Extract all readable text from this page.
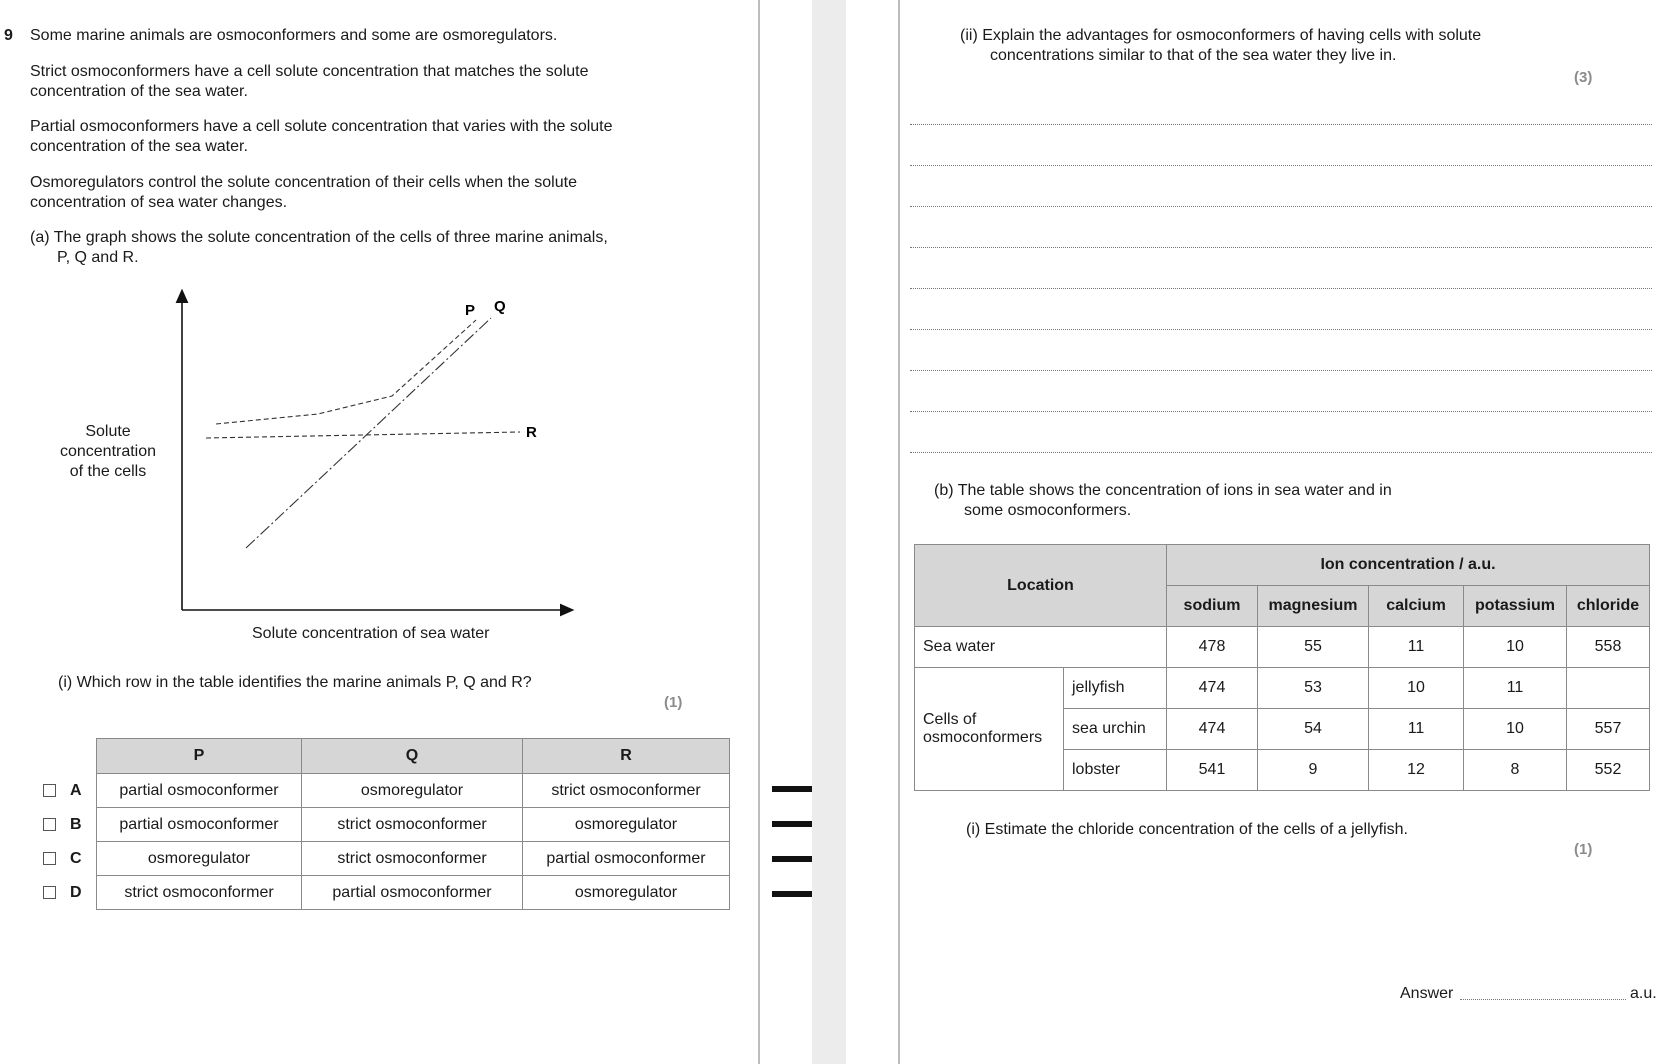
9 Some marine animals are osmoconformers and some are osmoregulators.
Strict osmoconformers have a cell solute concentration that matches the solute
concentration of the sea water.
Partial osmoconformers have a cell solute concentration that varies with the solute
concentration of the sea water.
Osmoregulators control the solute concentration of their cells when the solute
concentration of sea water changes.
(a) The graph shows the solute concentration of the cells of three marine animals,
P, Q and R.
P Q
R
Solute
concentration
of the cells
Solute concentration of sea water
(i) Which row in the table identifies the marine animals P, Q and R?
(1)
		P	Q	R
	A	partial osmoconformer	osmoregulator	strict osmoconformer
	B	partial osmoconformer	strict osmoconformer	osmoregulator
	C	osmoregulator	strict osmoconformer	partial osmoconformer
	D	strict osmoconformer	partial osmoconformer	osmoregulator
(ii) Explain the advantages for osmoconformers of having cells with solute
concentrations similar to that of the sea water they live in.
(3)
(b) The table shows the concentration of ions in sea water and in
some osmoconformers.
Location		Ion concentration / a.u.				
		sodium	magnesium	calcium	potassium	chloride
Sea water		478	55	11	10	558

Cells of
osmoconformers	jellyfish	474	53	10	11	
	sea urchin	474	54	11	10	557
	lobster	541	9	12	8	552
(i) Estimate the chloride concentration of the cells of a jellyfish.
(1)
Answer	a.u.
